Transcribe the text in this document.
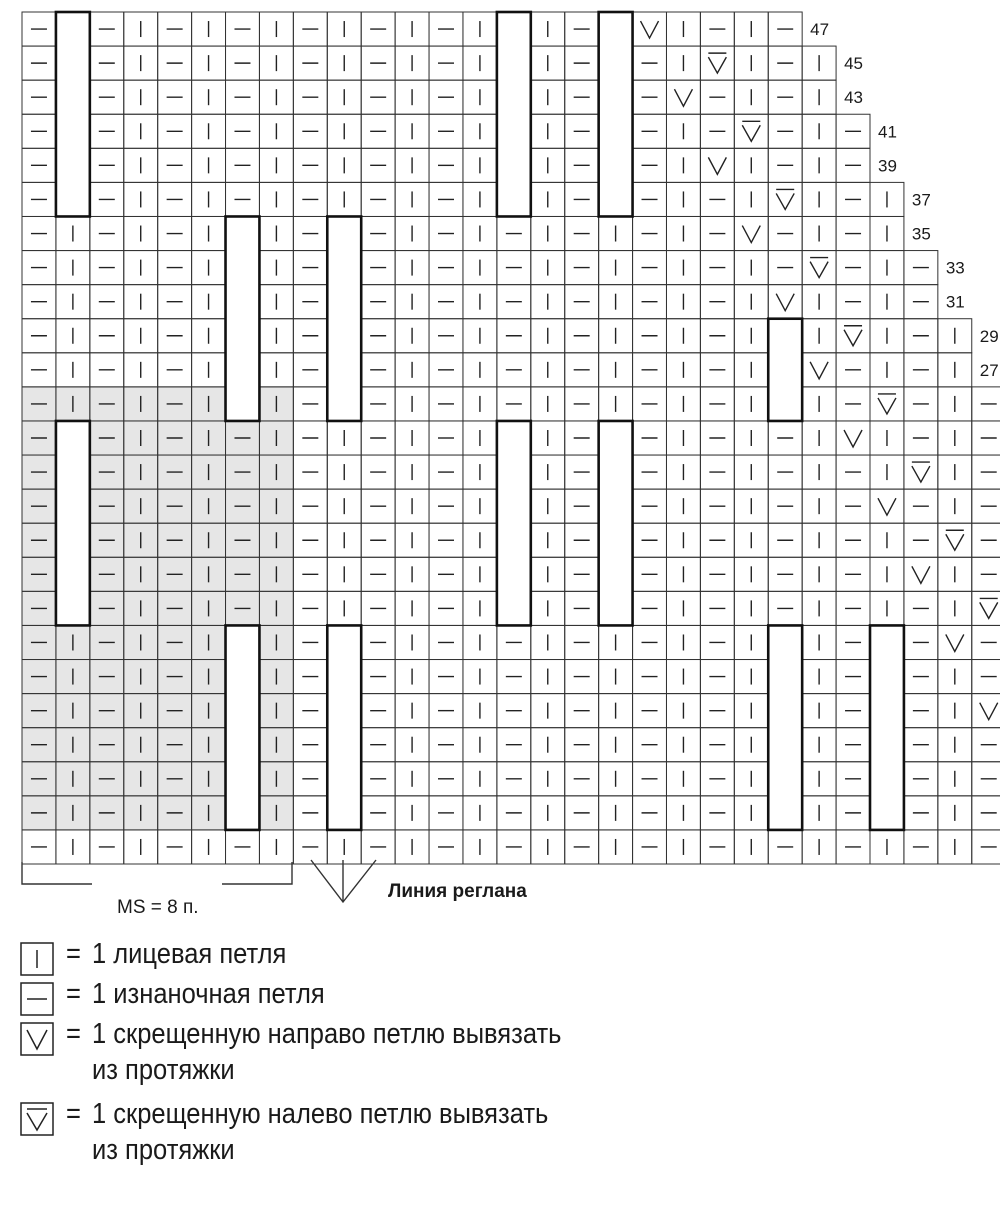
27
29
31
33
35
37
39
41
43
45
47
MS = 8 п.
Линия реглана
= 1 лицевая петля
= 1 изнаночная петля
= 1 скрещенную направо петлю вывязать
из протяжки
= 1 скрещенную налево петлю вывязать
из протяжки
